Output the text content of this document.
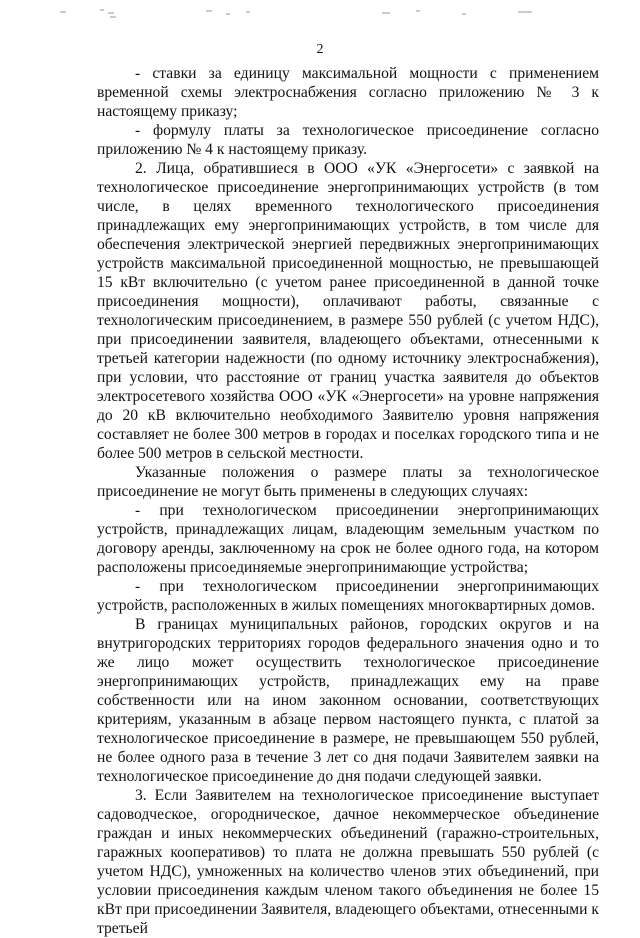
2

- ставки за единицу максимальной мощности с применением временной схемы электроснабжения согласно приложению № 3 к настоящему приказу;

- формулу платы за технологическое присоединение согласно приложению № 4 к настоящему приказу.

2. Лица, обратившиеся в ООО «УК «Энергосети» с заявкой на технологическое присоединение энергопринимающих устройств (в том числе, в целях временного технологического присоединения принадлежащих ему энергопринимающих устройств, в том числе для обеспечения электрической энергией передвижных энергопринимающих устройств максимальной присоединенной мощностью, не превышающей 15 кВт включительно (с учетом ранее присоединенной в данной точке присоединения мощности), оплачивают работы, связанные с технологическим присоединением, в размере 550 рублей (с учетом НДС), при присоединении заявителя, владеющего объектами, отнесенными к третьей категории надежности (по одному источнику электроснабжения), при условии, что расстояние от границ участка заявителя до объектов электросетевого хозяйства ООО «УК «Энергосети» на уровне напряжения до 20 кВ включительно необходимого Заявителю уровня напряжения составляет не более 300 метров в городах и поселках городского типа и не более 500 метров в сельской местности.

Указанные положения о размере платы за технологическое присоединение не могут быть применены в следующих случаях:

- при технологическом присоединении энергопринимающих устройств, принадлежащих лицам, владеющим земельным участком по договору аренды, заключенному на срок не более одного года, на котором расположены присоединяемые энергопринимающие устройства;

- при технологическом присоединении энергопринимающих устройств, расположенных в жилых помещениях многоквартирных домов.

В границах муниципальных районов, городских округов и на внутригородских территориях городов федерального значения одно и то же лицо может осуществить технологическое присоединение энергопринимающих устройств, принадлежащих ему на праве собственности или на ином законном основании, соответствующих критериям, указанным в абзаце первом настоящего пункта, с платой за технологическое присоединение в размере, не превышающем 550 рублей, не более одного раза в течение 3 лет со дня подачи Заявителем заявки на технологическое присоединение до дня подачи следующей заявки.

3. Если Заявителем на технологическое присоединение выступает садоводческое, огородническое, дачное некоммерческое объединение граждан и иных некоммерческих объединений (гаражно-строительных, гаражных кооперативов) то плата не должна превышать 550 рублей (с учетом НДС), умноженных на количество членов этих объединений, при условии присоединения каждым членом такого объединения не более 15 кВт при присоединении Заявителя, владеющего объектами, отнесенными к третьей
